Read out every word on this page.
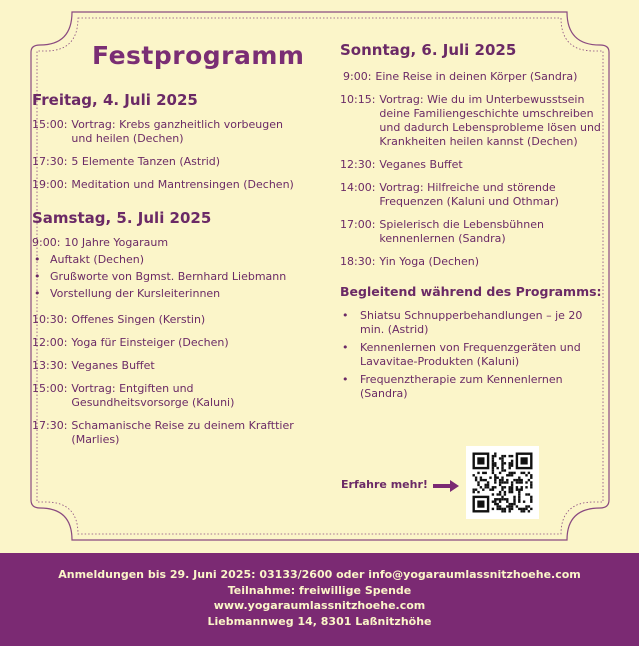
Festprogramm
Freitag, 4. Juli 2025
15:00: Vortrag: Krebs ganzheitlich vorbeugen und heilen (Dechen)
17:30: 5 Elemente Tanzen (Astrid)
19:00: Meditation und Mantrensingen (Dechen)
Samstag, 5. Juli 2025
9:00: 10 Jahre Yogaraum
• Auftakt (Dechen)
• Grußworte von Bgmst. Bernhard Liebmann
• Vorstellung der Kursleiterinnen
10:30: Offenes Singen (Kerstin)
12:00: Yoga für Einsteiger (Dechen)
13:30: Veganes Buffet
15:00: Vortrag: Entgiften und Gesundheitsvorsorge (Kaluni)
17:30: Schamanische Reise zu deinem Krafttier (Marlies)
Sonntag, 6. Juli 2025
9:00: Eine Reise in deinen Körper (Sandra)
10:15: Vortrag: Wie du im Unterbewusstsein deine Familiengeschichte umschreiben und dadurch Lebensprobleme lösen und Krankheiten heilen kannst (Dechen)
12:30: Veganes Buffet
14:00: Vortrag: Hilfreiche und störende Frequenzen (Kaluni und Othmar)
17:00: Spielerisch die Lebensbühnen kennenlernen (Sandra)
18:30: Yin Yoga (Dechen)
Begleitend während des Programms:
• Shiatsu Schnupperbehandlungen – je 20 min. (Astrid)
• Kennenlernen von Frequenzgeräten und Lavavitae-Produkten (Kaluni)
• Frequenztherapie zum Kennenlernen (Sandra)
Erfahre mehr!
Anmeldungen bis 29. Juni 2025: 03133/2600 oder info@yogaraumlassnitzhoehe.com
Teilnahme: freiwillige Spende
www.yogaraumlassnitzhoehe.com
Liebmannweg 14, 8301 Laßnitzhöhe
